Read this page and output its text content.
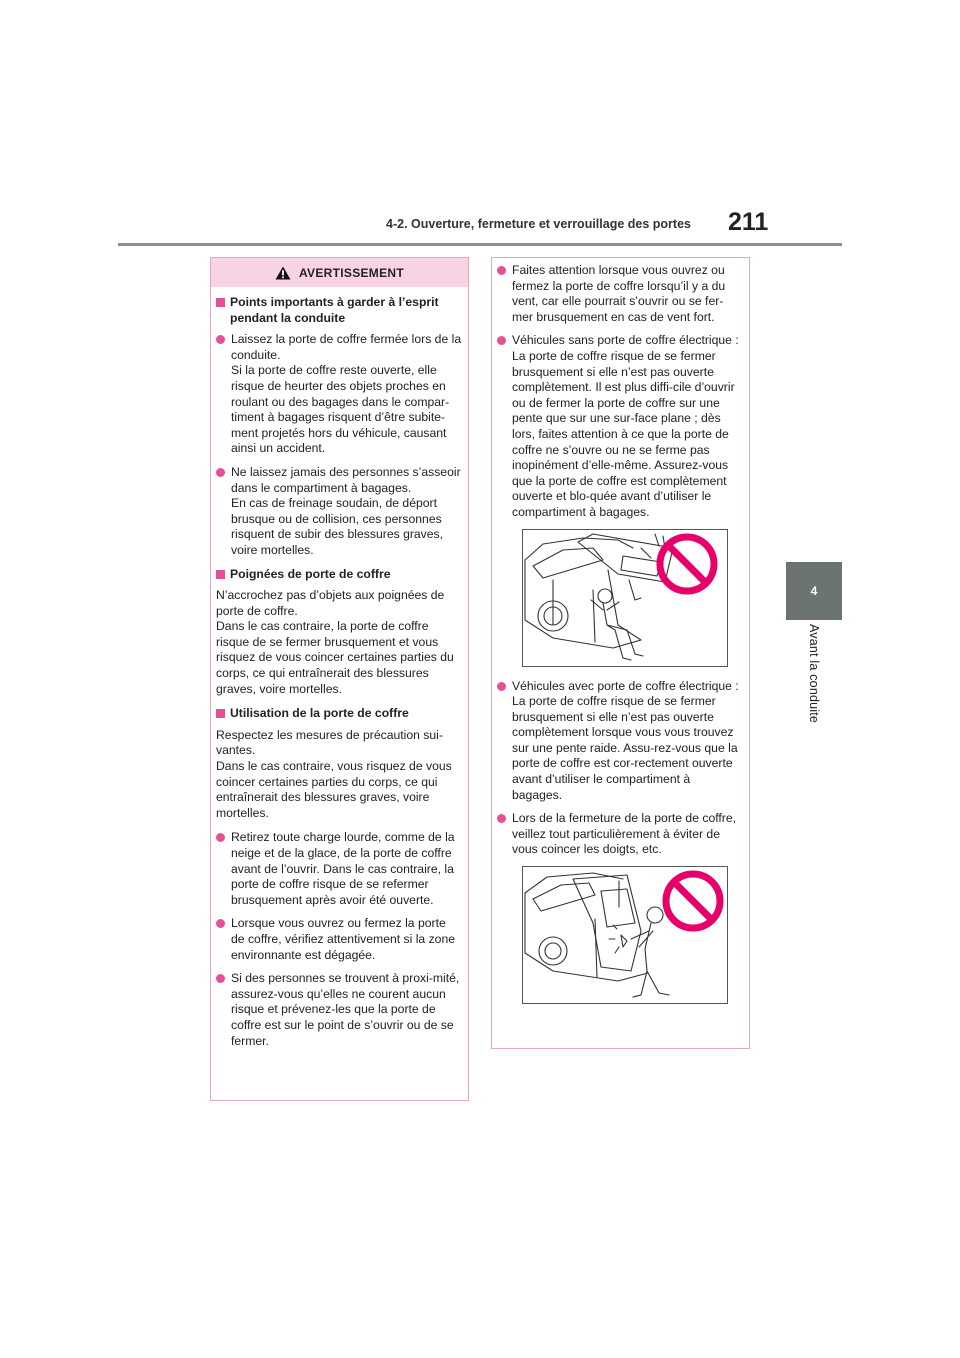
4-2. Ouverture, fermeture et verrouillage des portes 211
4
Avant la conduite
AVERTISSEMENT
Points importants à garder à l’esprit pendant la conduite
Laissez la porte de coffre fermée lors de la conduite.
Si la porte de coffre reste ouverte, elle risque de heurter des objets proches en roulant ou des bagages dans le compar-timent à bagages risquent d’être subite-ment projetés hors du véhicule, causant ainsi un accident.
Ne laissez jamais des personnes s’asseoir dans le compartiment à bagages.
En cas de freinage soudain, de déport brusque ou de collision, ces personnes risquent de subir des blessures graves, voire mortelles.
Poignées de porte de coffre
N’accrochez pas d’objets aux poignées de porte de coffre.
Dans le cas contraire, la porte de coffre risque de se fermer brusquement et vous risquez de vous coincer certaines parties du corps, ce qui entraînerait des blessures graves, voire mortelles.
Utilisation de la porte de coffre
Respectez les mesures de précaution sui-vantes.
Dans le cas contraire, vous risquez de vous coincer certaines parties du corps, ce qui entraînerait des blessures graves, voire mortelles.
Retirez toute charge lourde, comme de la neige et de la glace, de la porte de coffre avant de l’ouvrir. Dans le cas contraire, la porte de coffre risque de se refermer brusquement après avoir été ouverte.
Lorsque vous ouvrez ou fermez la porte de coffre, vérifiez attentivement si la zone environnante est dégagée.
Si des personnes se trouvent à proxi-mité, assurez-vous qu’elles ne courent aucun risque et prévenez-les que la porte de coffre est sur le point de s’ouvrir ou de se fermer.
Faites attention lorsque vous ouvrez ou fermez la porte de coffre lorsqu’il y a du vent, car elle pourrait s’ouvrir ou se fer-mer brusquement en cas de vent fort.
Véhicules sans porte de coffre électrique : La porte de coffre risque de se fermer brusquement si elle n’est pas ouverte complètement. Il est plus diffi-cile d’ouvrir ou de fermer la porte de coffre sur une pente que sur une sur-face plane ; dès lors, faites attention à ce que la porte de coffre ne s’ouvre ou ne se ferme pas inopinément d’elle-même. Assurez-vous que la porte de coffre est complètement ouverte et blo-quée avant d’utiliser le compartiment à bagages.
Véhicules avec porte de coffre électrique : La porte de coffre risque de se fermer brusquement si elle n’est pas ouverte complètement lorsque vous vous trouvez sur une pente raide. Assu-rez-vous que la porte de coffre est cor-rectement ouverte avant d’utiliser le compartiment à bagages.
Lors de la fermeture de la porte de coffre, veillez tout particulièrement à éviter de vous coincer les doigts, etc.
